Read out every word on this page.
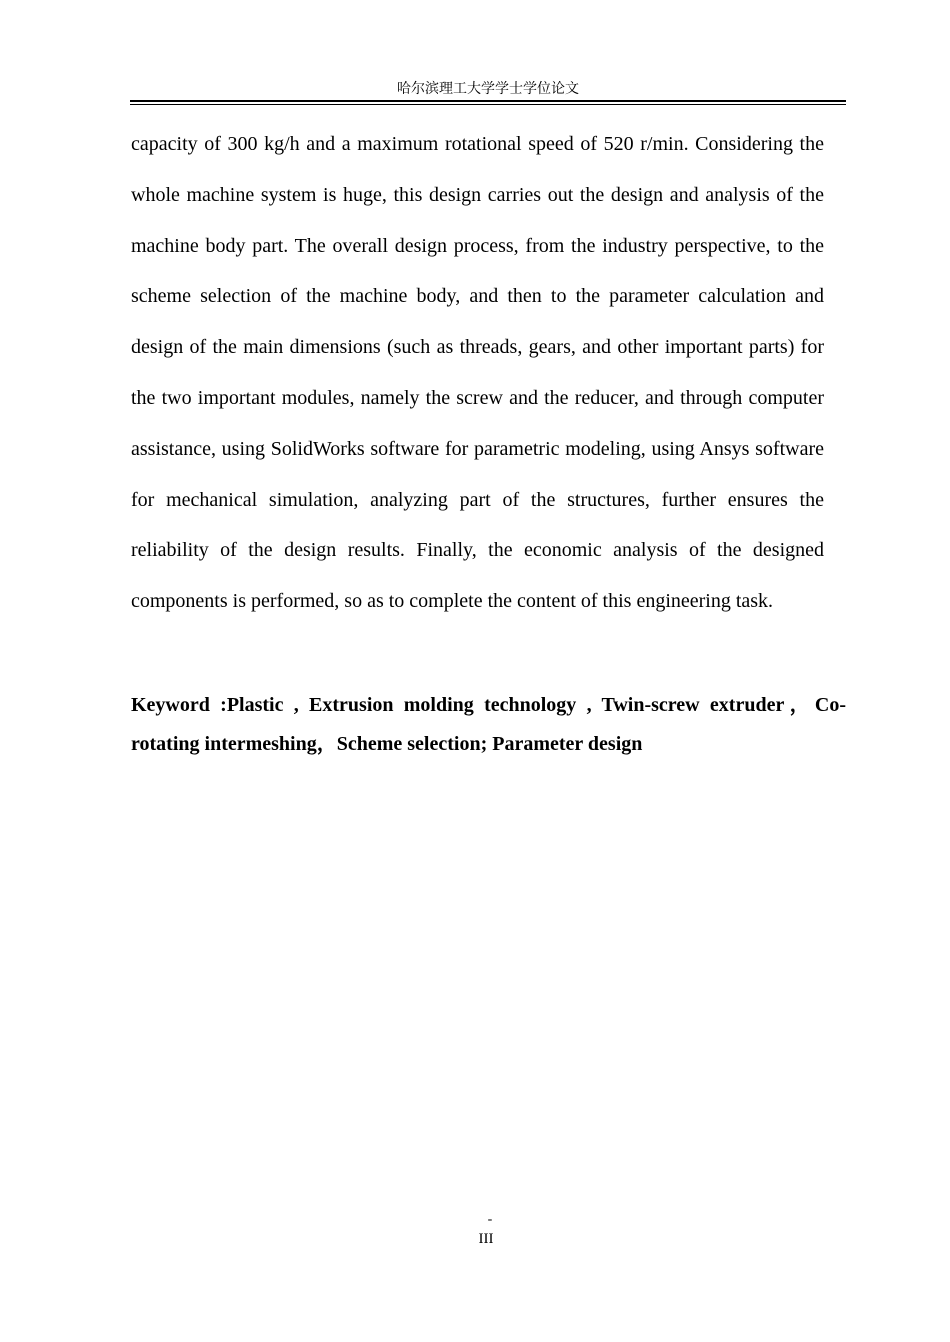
哈尔滨理工大学学士学位论文

capacity of 300 kg/h and a maximum rotational speed of 520 r/min. Considering the whole machine system is huge, this design carries out the design and analysis of the machine body part. The overall design process, from the industry perspective, to the scheme selection of the machine body, and then to the parameter calculation and design of the main dimensions (such as threads, gears, and other important parts) for the two important modules, namely the screw and the reducer, and through computer assistance, using SolidWorks software for parametric modeling, using Ansys software for mechanical simulation, analyzing part of the structures, further ensures the reliability of the design results. Finally, the economic analysis of the designed components is performed, so as to complete the content of this engineering task.

Keyword :Plastic , Extrusion molding technology , Twin-screw extruder，Co-rotating intermeshing，Scheme selection; Parameter design

-
III
